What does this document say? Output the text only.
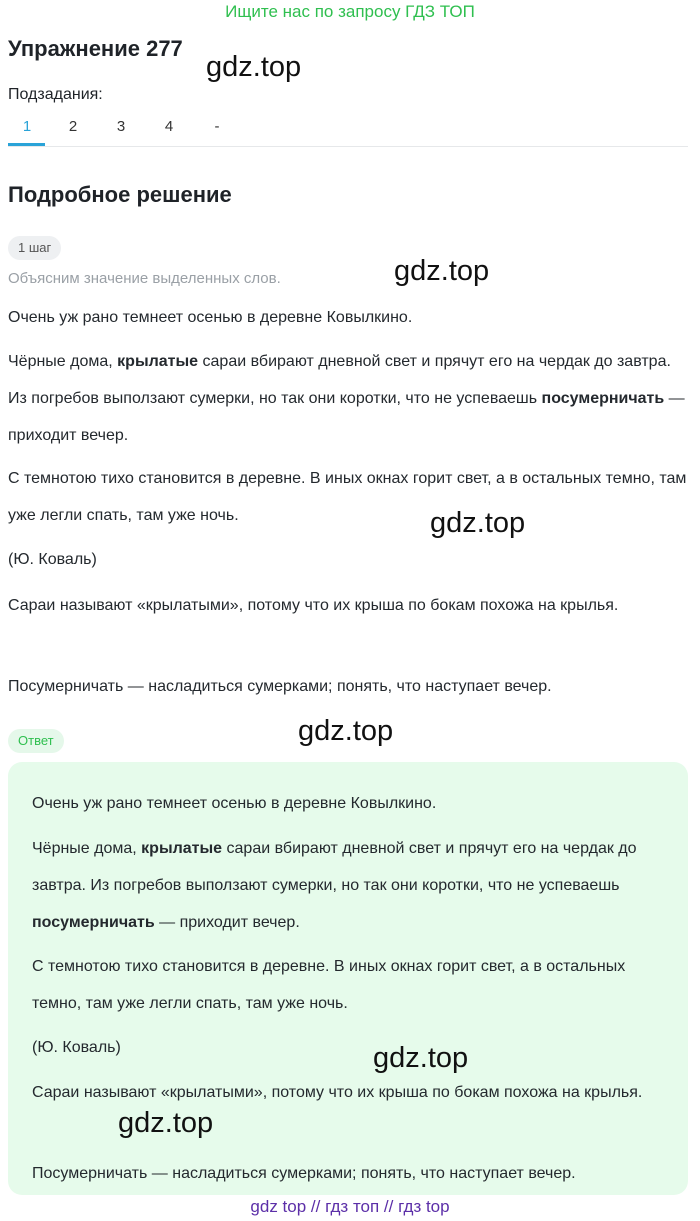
Ищите нас по запросу ГДЗ ТОП
Упражнение 277
gdz.top
Подзадания:
1	2	3	4	-
Подробное решение
1 шаг
Объясним значение выделенных слов.	gdz.top
Очень уж рано темнеет осенью в деревне Ковылкино.
Чёрные дома, крылатые сараи вбирают дневной свет и прячут его на чердак до завтра. Из погребов выползают сумерки, но так они коротки, что не успеваешь посумерничать — приходит вечер.
С темнотою тихо становится в деревне. В иных окнах горит свет, а в остальных темно, там уже легли спать, там уже ночь.	gdz.top
(Ю. Коваль)
Сараи называют «крылатыми», потому что их крыша по бокам похожа на крылья.
Посумерничать — насладиться сумерками; понять, что наступает вечер.
Ответ	gdz.top
Очень уж рано темнеет осенью в деревне Ковылкино.
Чёрные дома, крылатые сараи вбирают дневной свет и прячут его на чердак до завтра. Из погребов выползают сумерки, но так они коротки, что не успеваешь посумерничать — приходит вечер.
С темнотою тихо становится в деревне. В иных окнах горит свет, а в остальных темно, там уже легли спать, там уже ночь.
(Ю. Коваль)
Сараи называют «крылатыми», потому что их крыша по бокам похожа на крылья.
Посумерничать — насладиться сумерками; понять, что наступает вечер.
gdz.top
gdz.top
gdz top // гдз топ // гдз top
